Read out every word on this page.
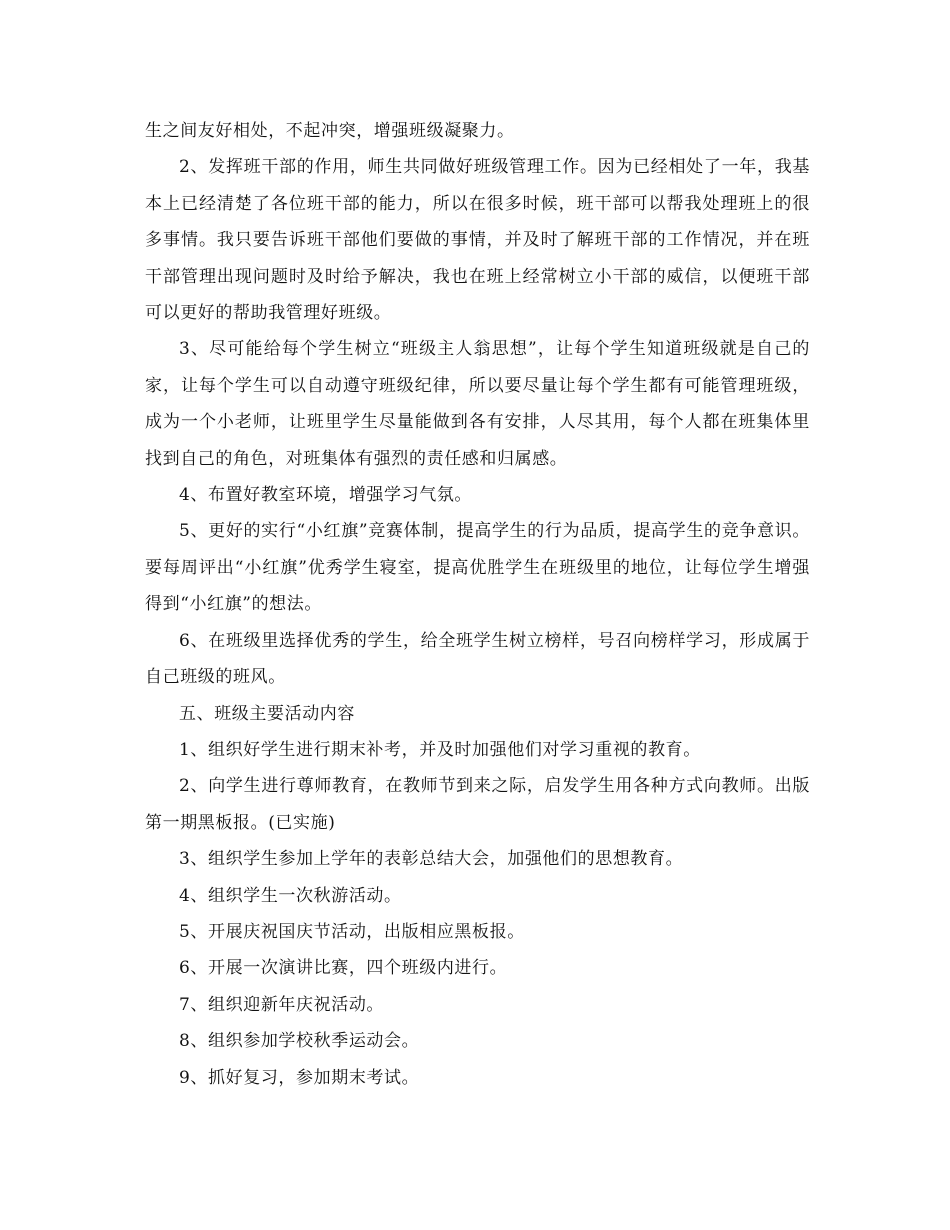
生之间友好相处，不起冲突，增强班级凝聚力。

2、发挥班干部的作用，师生共同做好班级管理工作。因为已经相处了一年，我基本上已经清楚了各位班干部的能力，所以在很多时候，班干部可以帮我处理班上的很多事情。我只要告诉班干部他们要做的事情，并及时了解班干部的工作情况，并在班干部管理出现问题时及时给予解决，我也在班上经常树立小干部的威信，以便班干部可以更好的帮助我管理好班级。

3、尽可能给每个学生树立“班级主人翁思想”，让每个学生知道班级就是自己的家，让每个学生可以自动遵守班级纪律，所以要尽量让每个学生都有可能管理班级，成为一个小老师，让班里学生尽量能做到各有安排，人尽其用，每个人都在班集体里找到自己的角色，对班集体有强烈的责任感和归属感。

4、布置好教室环境，增强学习气氛。

5、更好的实行“小红旗”竞赛体制，提高学生的行为品质，提高学生的竞争意识。要每周评出“小红旗”优秀学生寝室，提高优胜学生在班级里的地位，让每位学生增强得到“小红旗”的想法。

6、在班级里选择优秀的学生，给全班学生树立榜样，号召向榜样学习，形成属于自己班级的班风。

五、班级主要活动内容

1、组织好学生进行期末补考，并及时加强他们对学习重视的教育。

2、向学生进行尊师教育，在教师节到来之际，启发学生用各种方式向教师。出版第一期黑板报。(已实施)

3、组织学生参加上学年的表彰总结大会，加强他们的思想教育。

4、组织学生一次秋游活动。

5、开展庆祝国庆节活动，出版相应黑板报。

6、开展一次演讲比赛，四个班级内进行。

7、组织迎新年庆祝活动。

8、组织参加学校秋季运动会。

9、抓好复习，参加期末考试。
